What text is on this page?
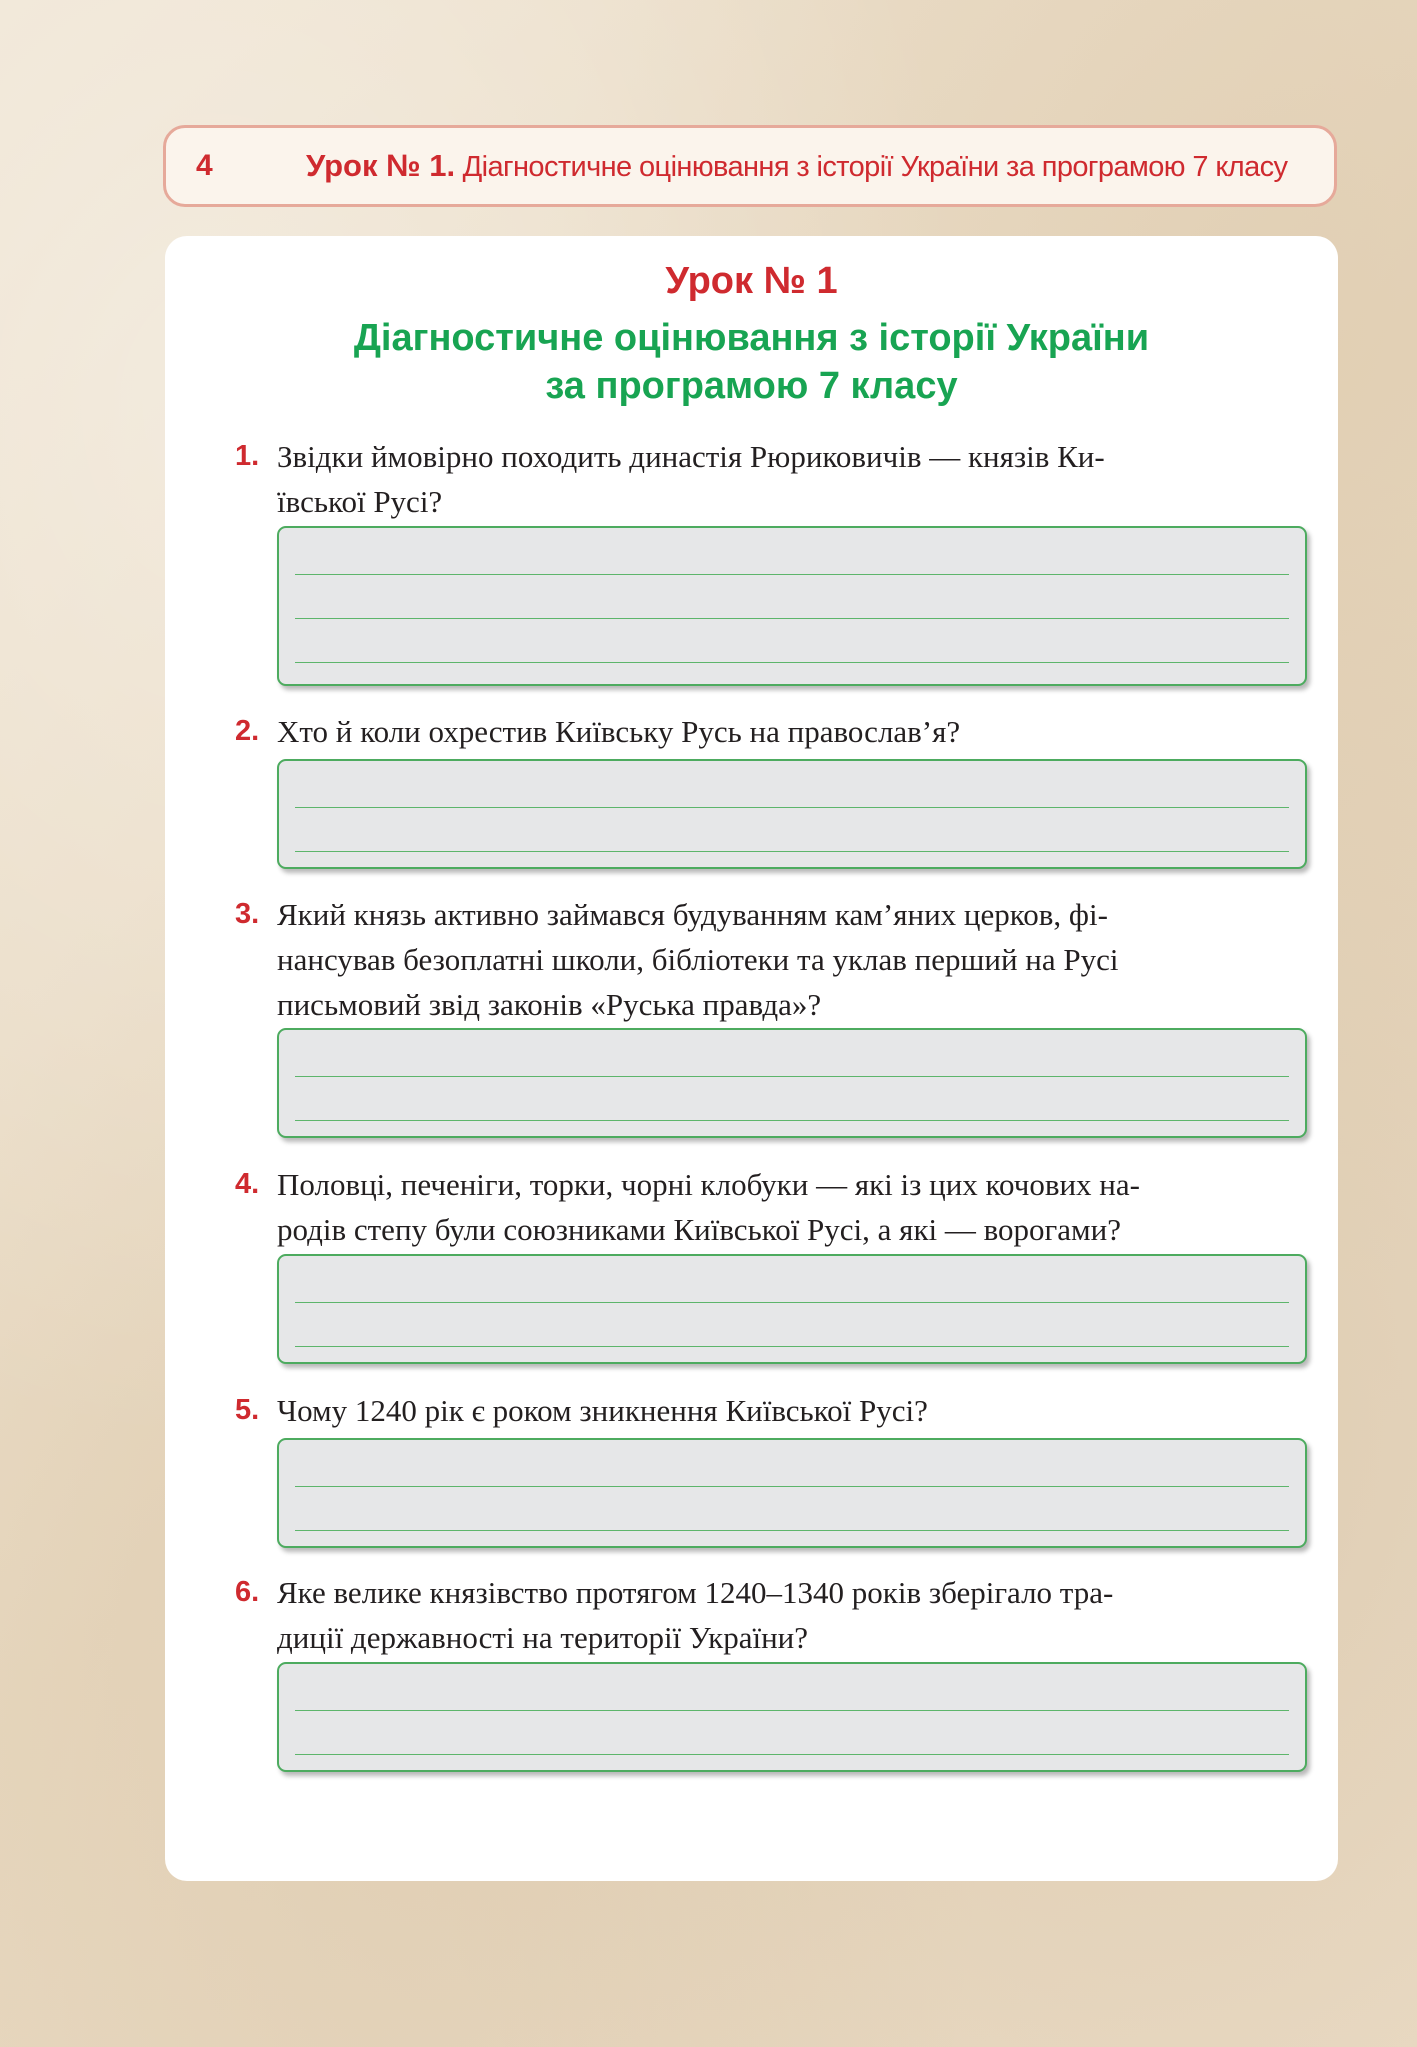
4	Урок № 1. Діагностичне оцінювання з історії України за програмою 7 класу
Урок № 1
Діагностичне оцінювання з історії України
за програмою 7 класу
1. Звідки ймовірно походить династія Рюриковичів — князів Ки-
ївської Русі?
2. Хто й коли охрестив Київську Русь на православ’я?
3. Який князь активно займався будуванням кам’яних церков, фі-
нансував безоплатні школи, бібліотеки та уклав перший на Русі
письмовий звід законів «Руська правда»?
4. Половці, печеніги, торки, чорні клобуки — які із цих кочових на-
родів степу були союзниками Київської Русі, а які — ворогами?
5. Чому 1240 рік є роком зникнення Київської Русі?
6. Яке велике князівство протягом 1240–1340 років зберігало тра-
диції державності на території України?
